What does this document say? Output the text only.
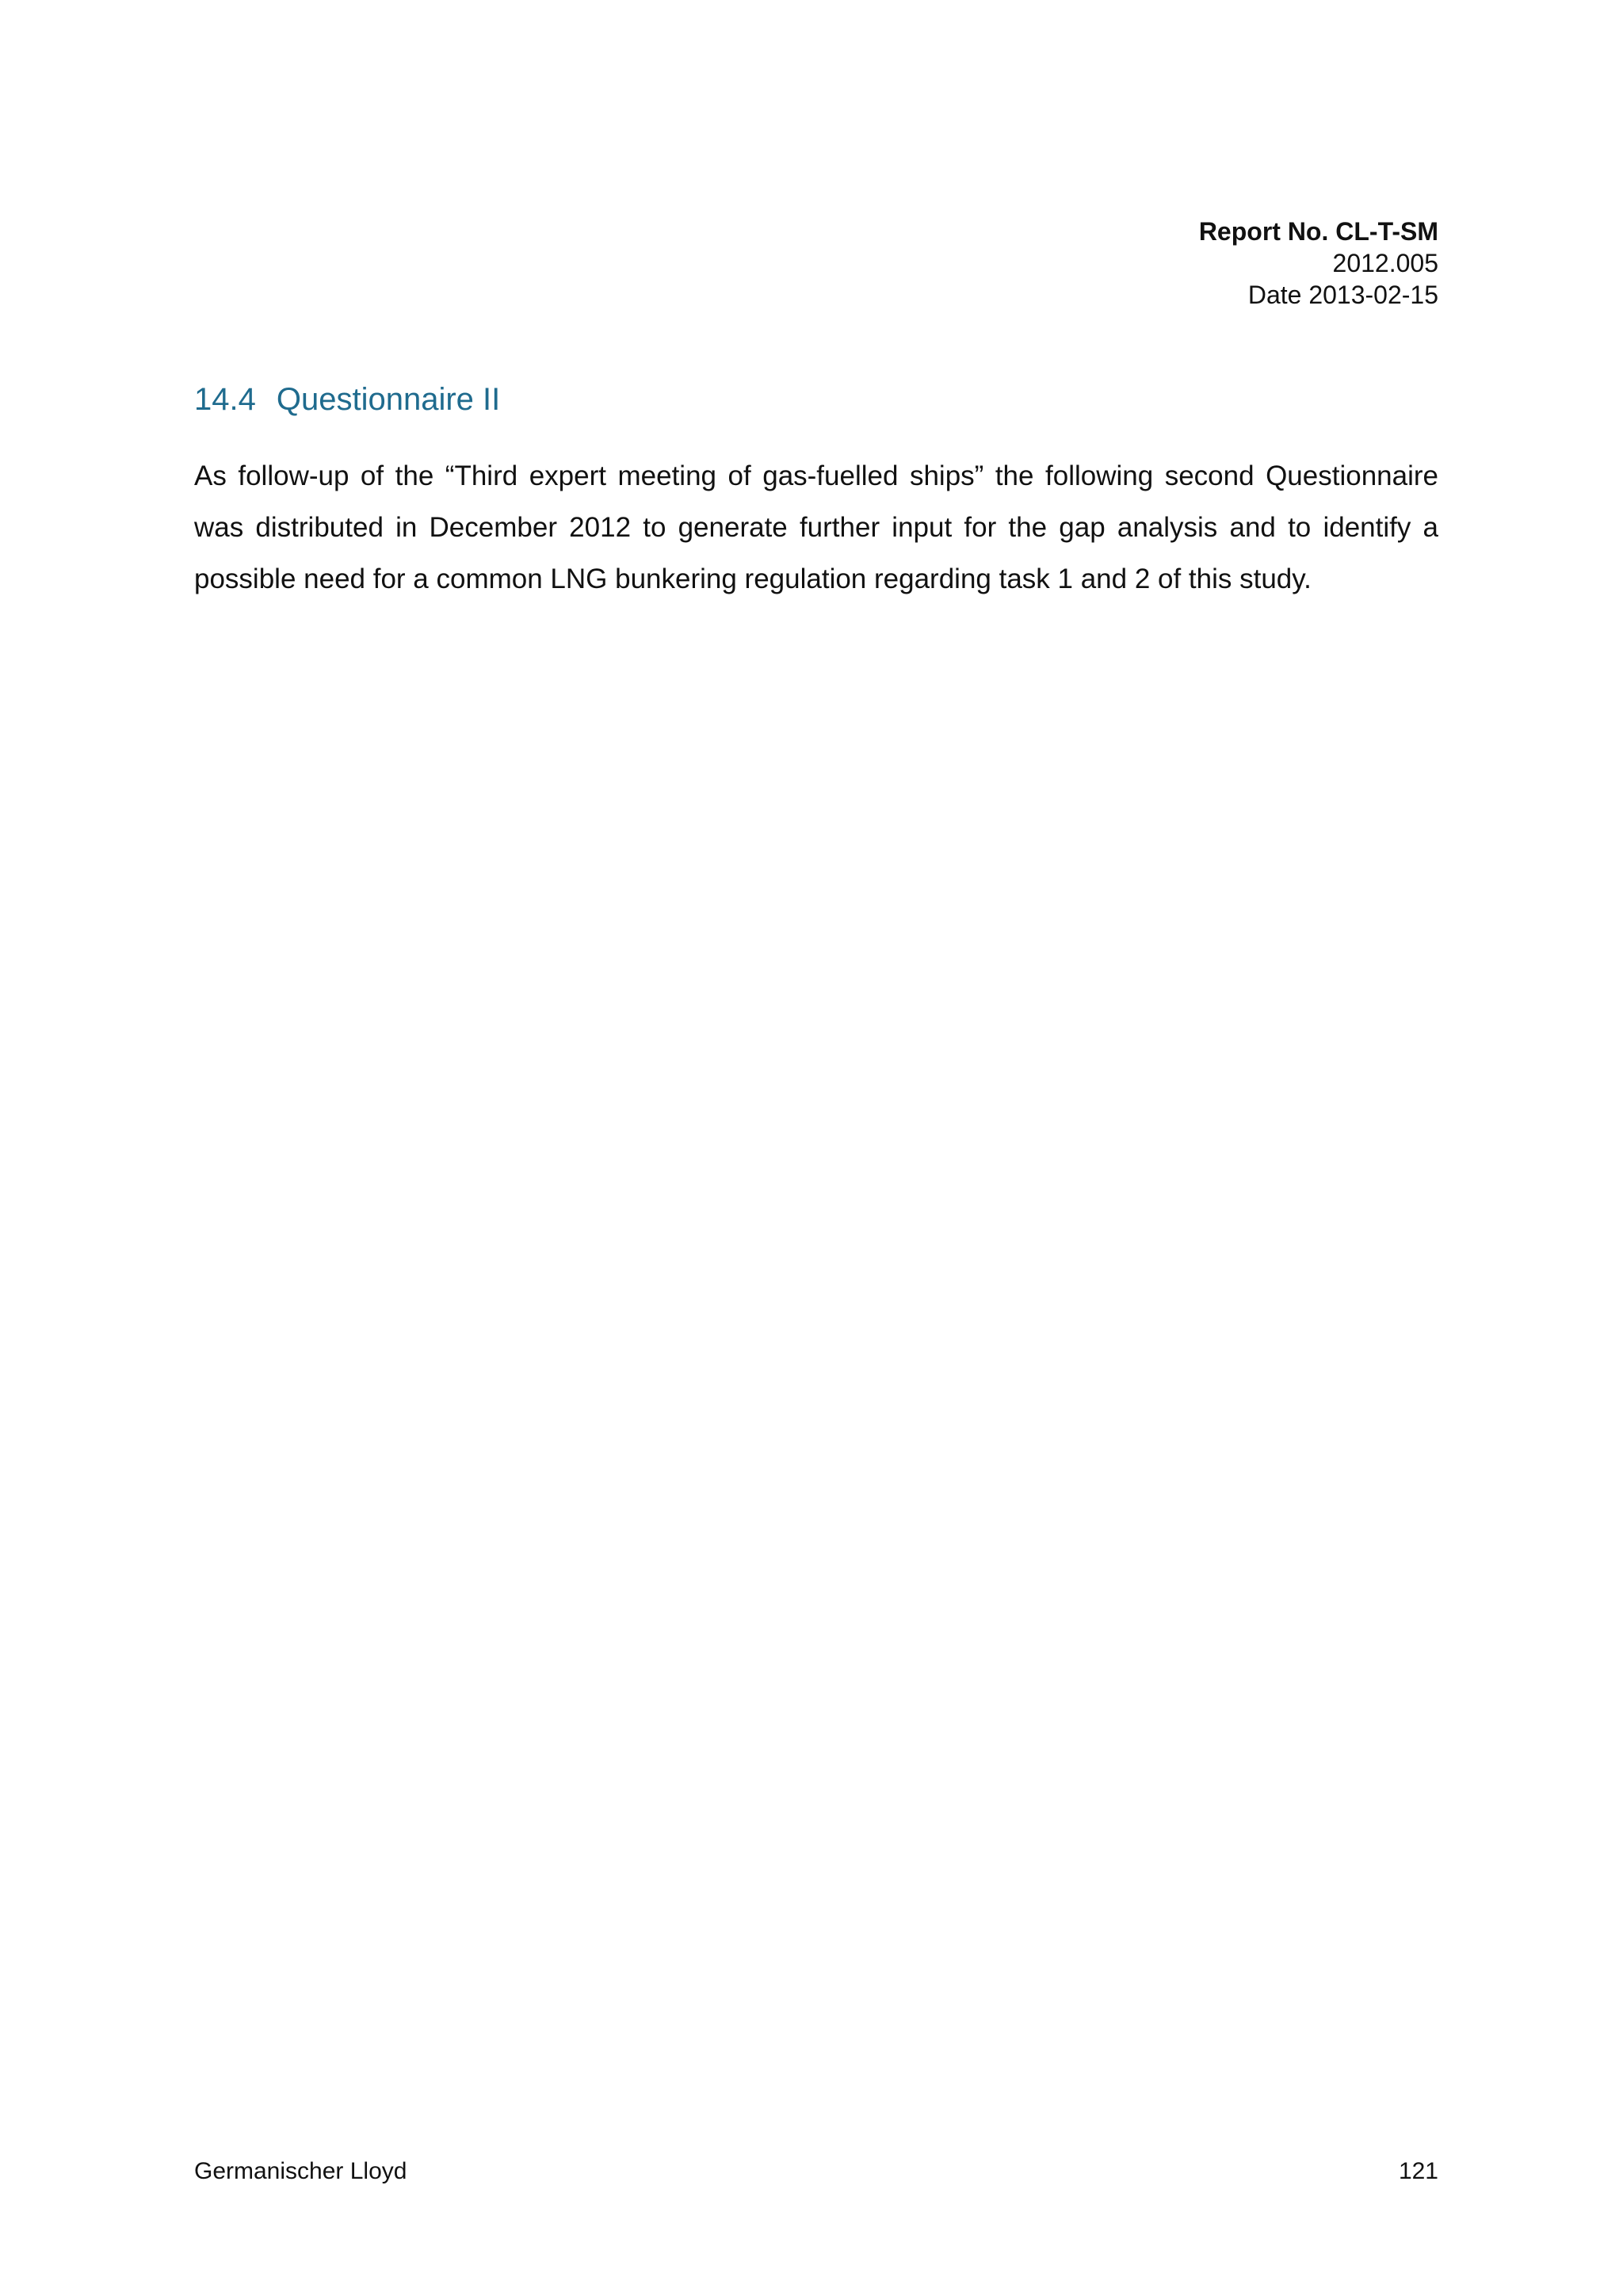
Report No. CL-T-SM
2012.005
Date 2013-02-15
14.4 Questionnaire II

As follow-up of the “Third expert meeting of gas-fuelled ships” the following second Questionnaire was distributed in December 2012 to generate further input for the gap analysis and to identify a possible need for a common LNG bunkering regulation regarding task 1 and 2 of this study.

Germanischer Lloyd	121
